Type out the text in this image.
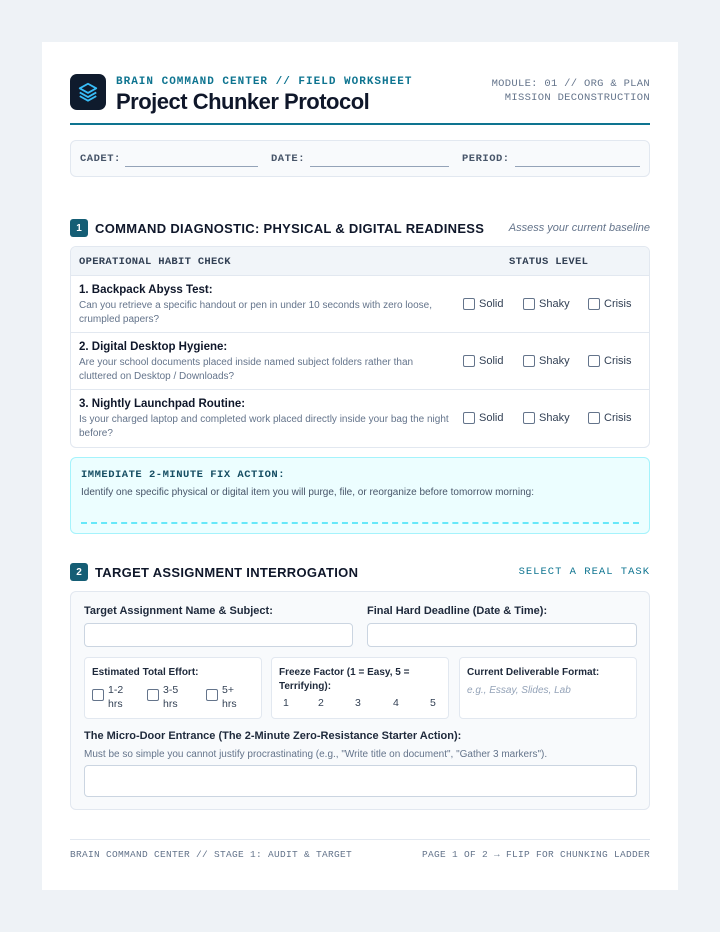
BRAIN COMMAND CENTER // FIELD WORKSHEET
Project Chunker Protocol
MODULE: 01 // ORG & PLAN
MISSION DECONSTRUCTION
CADET:	DATE:	PERIOD:
1	COMMAND DIAGNOSTIC: PHYSICAL & DIGITAL READINESS Assess your current baseline
OPERATIONAL HABIT CHECK	STATUS LEVEL
1. Backpack Abyss Test:
Can you retrieve a specific handout or pen in under 10 seconds with zero loose, crumpled papers?
Solid	Shaky	Crisis
2. Digital Desktop Hygiene:
Are your school documents placed inside named subject folders rather than cluttered on Desktop / Downloads?
Solid	Shaky	Crisis
3. Nightly Launchpad Routine:
Is your charged laptop and completed work placed directly inside your bag the night before?
Solid	Shaky	Crisis
IMMEDIATE 2-MINUTE FIX ACTION:
Identify one specific physical or digital item you will purge, file, or reorganize before tomorrow morning:
2	TARGET ASSIGNMENT INTERROGATION	SELECT A REAL TASK
Target Assignment Name & Subject:	Final Hard Deadline (Date & Time):
Estimated Total Effort:
1-2
hrs
3-5
hrs
5+
hrs
Freeze Factor (1 = Easy, 5 =
Terrifying):
1	2	3	4	5
Current Deliverable Format:
e.g., Essay, Slides, Lab
The Micro-Door Entrance (The 2-Minute Zero-Resistance Starter Action):
Must be so simple you cannot justify procrastinating (e.g., "Write title on document", "Gather 3 markers").
BRAIN COMMAND CENTER // STAGE 1: AUDIT & TARGET	PAGE 1 OF 2 → FLIP FOR CHUNKING LADDER
